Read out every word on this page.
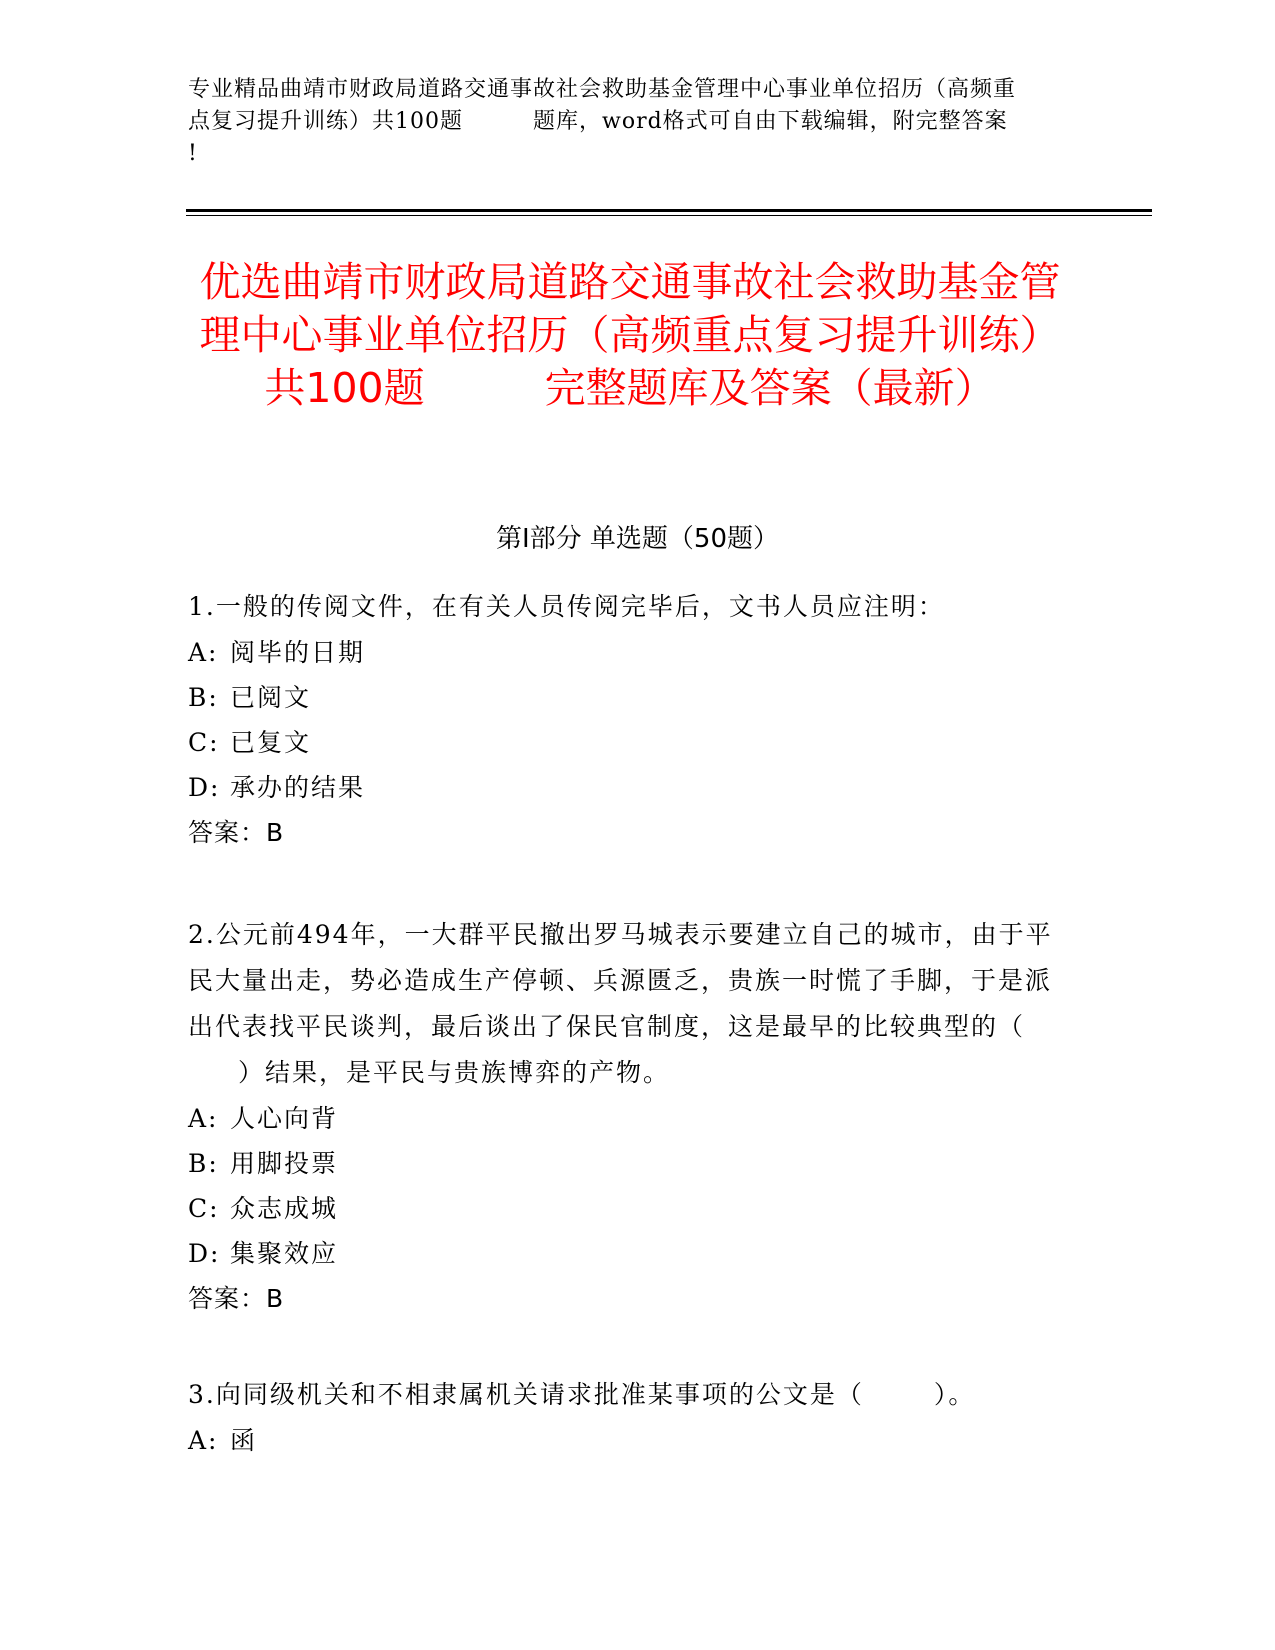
专业精品曲靖市财政局道路交通事故社会救助基金管理中心事业单位招历（高频重
点复习提升训练）共100题	题库，word格式可自由下载编辑，附完整答案
!
优选曲靖市财政局道路交通事故社会救助基金管理中心事业单位招历（高频重点复习提升训练）共100题	完整题库及答案（最新）
第I部分 单选题（50题）
1.一般的传阅文件，在有关人员传阅完毕后，文书人员应注明：
A: 阅毕的日期
B: 已阅文
C: 已复文
D: 承办的结果
答案：B
2.公元前494年，一大群平民撤出罗马城表示要建立自己的城市，由于平民大量出走，势必造成生产停顿、兵源匮乏，贵族一时慌了手脚，于是派出代表找平民谈判，最后谈出了保民官制度，这是最早的比较典型的（）结果，是平民与贵族博弈的产物。
A: 人心向背
B: 用脚投票
C: 众志成城
D: 集聚效应
答案：B
3.向同级机关和不相隶属机关请求批准某事项的公文是（	）。
A: 函
